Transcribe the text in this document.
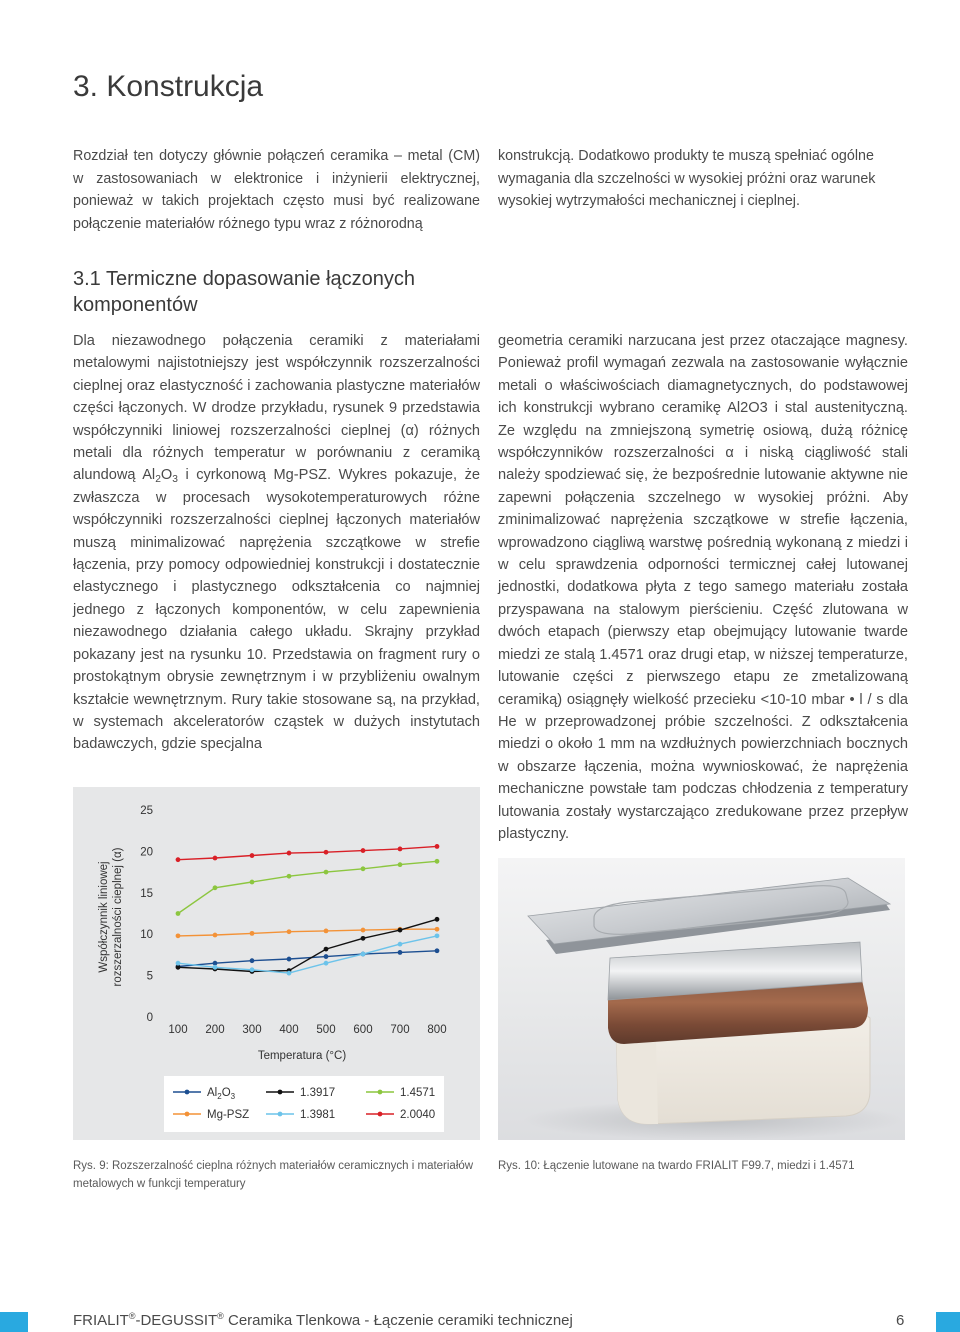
3. Konstrukcja
Rozdział ten dotyczy głównie połączeń ceramika – metal (CM) w zastosowaniach w elektronice i inżynierii elektrycznej, ponieważ w takich projektach często musi być realizowane połączenie materiałów różnego typu wraz z różnorodną
konstrukcją. Dodatkowo produkty te muszą spełniać ogólne wymagania dla szczelności w wysokiej próżni oraz warunek wysokiej wytrzymałości mechanicznej i cieplnej.
3.1 Termiczne dopasowanie łączonych komponentów
Dla niezawodnego połączenia ceramiki z materiałami metalowymi najistotniejszy jest współczynnik rozszerzalności cieplnej oraz elastyczność i zachowania plastyczne materiałów części łączonych. W drodze przykładu, rysunek 9 przedstawia współczynniki liniowej rozszerzalności cieplnej (α) różnych metali dla różnych temperatur w porównaniu z ceramiką alundową $Al_2O_3$ i cyrkonową Mg-PSZ. Wykres pokazuje, że zwłaszcza w procesach wysokotemperaturowych różne współczynniki rozszerzalności cieplnej łączonych materiałów muszą minimalizować naprężenia szczątkowe w strefie łączenia, przy pomocy odpowiedniej konstrukcji i dostatecznie elastycznego i plastycznego odkształcenia co najmniej jednego z łączonych komponentów, w celu zapewnienia niezawodnego działania całego układu. Skrajny przykład pokazany jest na rysunku 10. Przedstawia on fragment rury o prostokątnym obrysie zewnętrznym i w przybliżeniu owalnym kształcie wewnętrznym. Rury takie stosowane są, na przykład, w systemach akceleratorów cząstek w dużych instytutach badawczych, gdzie specjalna
geometria ceramiki narzucana jest przez otaczające magnesy. Ponieważ profil wymagań zezwala na zastosowanie wyłącznie metali o właściwościach diamagnetycznych, do podstawowej ich konstrukcji wybrano ceramikę Al2O3 i stal austenityczną. Ze względu na zmniejszoną symetrię osiową, dużą różnicę współczynników rozszerzalności α i niską ciągliwość stali należy spodziewać się, że bezpośrednie lutowanie aktywne nie zapewni połączenia szczelnego w wysokiej próżni. Aby zminimalizować naprężenia szczątkowe w strefie łączenia, wprowadzono ciągliwą warstwę pośrednią wykonaną z miedzi i w celu sprawdzenia odporności termicznej całej lutowanej jednostki, dodatkowa płyta z tego samego materiału została przyspawana na stalowym pierścieniu. Część zlutowana w dwóch etapach (pierwszy etap obejmujący lutowanie twarde miedzi ze stalą 1.4571 oraz drugi etap, w niższej temperaturze, lutowanie części z pierwszego etapu ze zmetalizowaną ceramiką) osiągnęły wielkość przecieku <10-10 mbar • l / s dla He w przeprowadzonej próbie szczelności. Z odkształcenia miedzi o około 1 mm na wzdłużnych powierzchniach bocznych w obszarze łączenia, można wywnioskować, że naprężenia mechaniczne powstałe tam podczas chłodzenia z temperatury lutowania zostały wystarczająco zredukowane przez przepływ plastyczny.
0
5
10
15
20
25
100 200 300 400 500 600 700 800
Współczynnik liniowej rozszerzalności cieplnej (α)
Temperatura (°C)
$Al_2O_3$
Mg-PSZ
1.3917
1.3981
1.4571
2.0040
Rys. 9: Rozszerzalność cieplna różnych materiałów ceramicznych i materiałów metalowych w funkcji temperatury
Rys. 10: Łączenie lutowane na twardo FRIALIT F99.7, miedzi i 1.4571
FRIALIT®-DEGUSSIT® Ceramika Tlenkowa - Łączenie ceramiki technicznej	6
